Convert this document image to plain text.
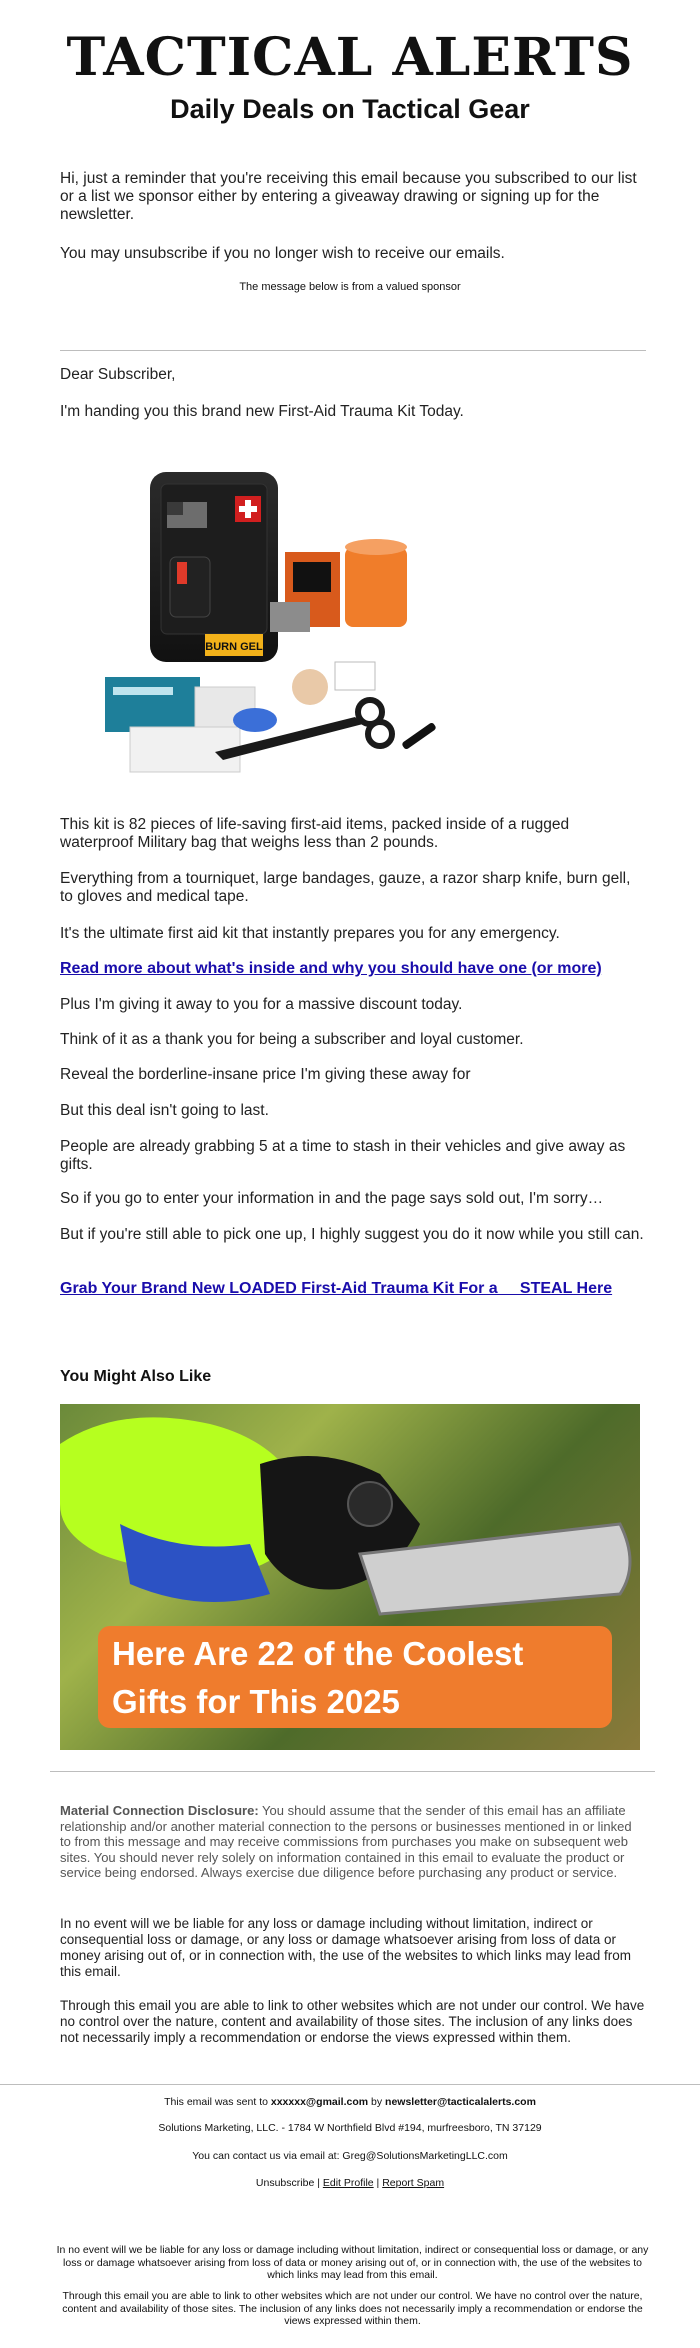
TACTICAL ALERTS
Daily Deals on Tactical Gear
Hi, just a reminder that you're receiving this email because you subscribed to our list or a list we sponsor either by entering a giveaway drawing or signing up for the newsletter.
You may unsubscribe if you no longer wish to receive our emails.
The message below is from a valued sponsor
Dear Subscriber,
I'm handing you this brand new First-Aid Trauma Kit Today.
BURN GEL
This kit is 82 pieces of life-saving first-aid items, packed inside of a rugged waterproof Military bag that weighs less than 2 pounds.
Everything from a tourniquet, large bandages, gauze, a razor sharp knife, burn gell, to gloves and medical tape.
It's the ultimate first aid kit that instantly prepares you for any emergency.
Read more about what's inside and why you should have one (or more)
Plus I'm giving it away to you for a massive discount today.
Think of it as a thank you for being a subscriber and loyal customer.
Reveal the borderline-insane price I'm giving these away for
But this deal isn't going to last.
People are already grabbing 5 at a time to stash in their vehicles and give away as gifts.
So if you go to enter your information in and the page says sold out, I'm sorry…
But if you're still able to pick one up, I highly suggest you do it now while you still can.
Grab Your Brand New LOADED First-Aid Trauma Kit For a     STEAL Here
You Might Also Like
Here Are 22 of the Coolest
Gifts for This 2025
Material Connection Disclosure: You should assume that the sender of this email has an affiliate relationship and/or another material connection to the persons or businesses mentioned in or linked to from this message and may receive commissions from purchases you make on subsequent web sites. You should never rely solely on information contained in this email to evaluate the product or service being endorsed. Always exercise due diligence before purchasing any product or service.
In no event will we be liable for any loss or damage including without limitation, indirect or consequential loss or damage, or any loss or damage whatsoever arising from loss of data or money arising out of, or in connection with, the use of the websites to which links may lead from this email.
Through this email you are able to link to other websites which are not under our control. We have no control over the nature, content and availability of those sites. The inclusion of any links does not necessarily imply a recommendation or endorse the views expressed within them.
This email was sent to xxxxxx@gmail.com by newsletter@tacticalalerts.com
Solutions Marketing, LLC. - 1784 W Northfield Blvd #194, murfreesboro, TN 37129
You can contact us via email at: Greg@SolutionsMarketingLLC.com
Unsubscribe | Edit Profile | Report Spam
In no event will we be liable for any loss or damage including without limitation, indirect or consequential loss or damage, or any loss or damage whatsoever arising from loss of data or money arising out of, or in connection with, the use of the websites to which links may lead from this email.
Through this email you are able to link to other websites which are not under our control. We have no control over the nature, content and availability of those sites. The inclusion of any links does not necessarily imply a recommendation or endorse the views expressed within them.
